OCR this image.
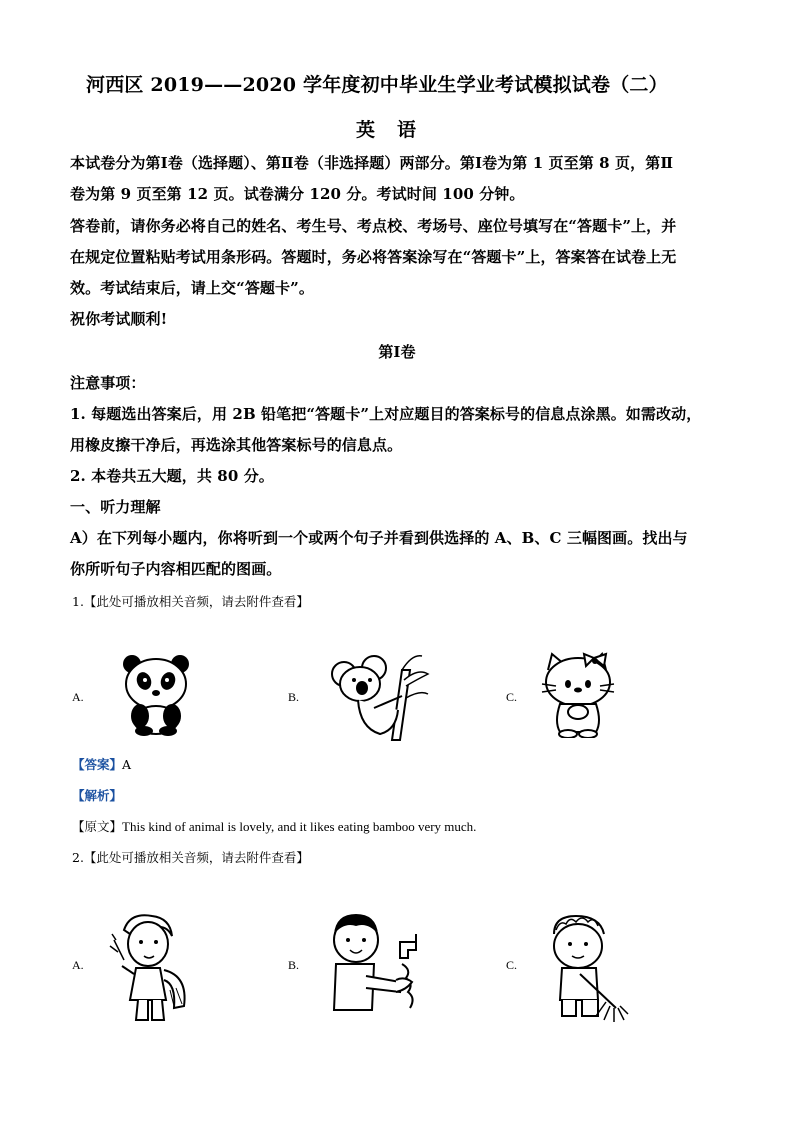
河西区 2019——2020 学年度初中毕业生学业考试模拟试卷（二）
英语
本试卷分为第Ⅰ卷（选择题）、第Ⅱ卷（非选择题）两部分。第Ⅰ卷为第 1 页至第 8 页，第Ⅱ
卷为第 9 页至第 12 页。试卷满分 120 分。考试时间 100 分钟。
答卷前，请你务必将自己的姓名、考生号、考点校、考场号、座位号填写在“答题卡”上，并
在规定位置粘贴考试用条形码。答题时，务必将答案涂写在“答题卡”上，答案答在试卷上无
效。考试结束后，请上交“答题卡”。
祝你考试顺利!
第Ⅰ卷
注意事项：
1. 每题选出答案后，用 2B 铅笔把“答题卡”上对应题目的答案标号的信息点涂黑。如需改动，
用橡皮擦干净后，再选涂其他答案标号的信息点。
2. 本卷共五大题，共 80 分。
一、听力理解
A）在下列每小题内，你将听到一个或两个句子并看到供选择的 A、B、C 三幅图画。找出与
你所听句子内容相匹配的图画。
1.【此处可播放相关音频，请去附件查看】
A.	B.	C.
【答案】A
【解析】
【原文】This kind of animal is lovely, and it likes eating bamboo very much.
2.【此处可播放相关音频，请去附件查看】
A.	B.	C.
